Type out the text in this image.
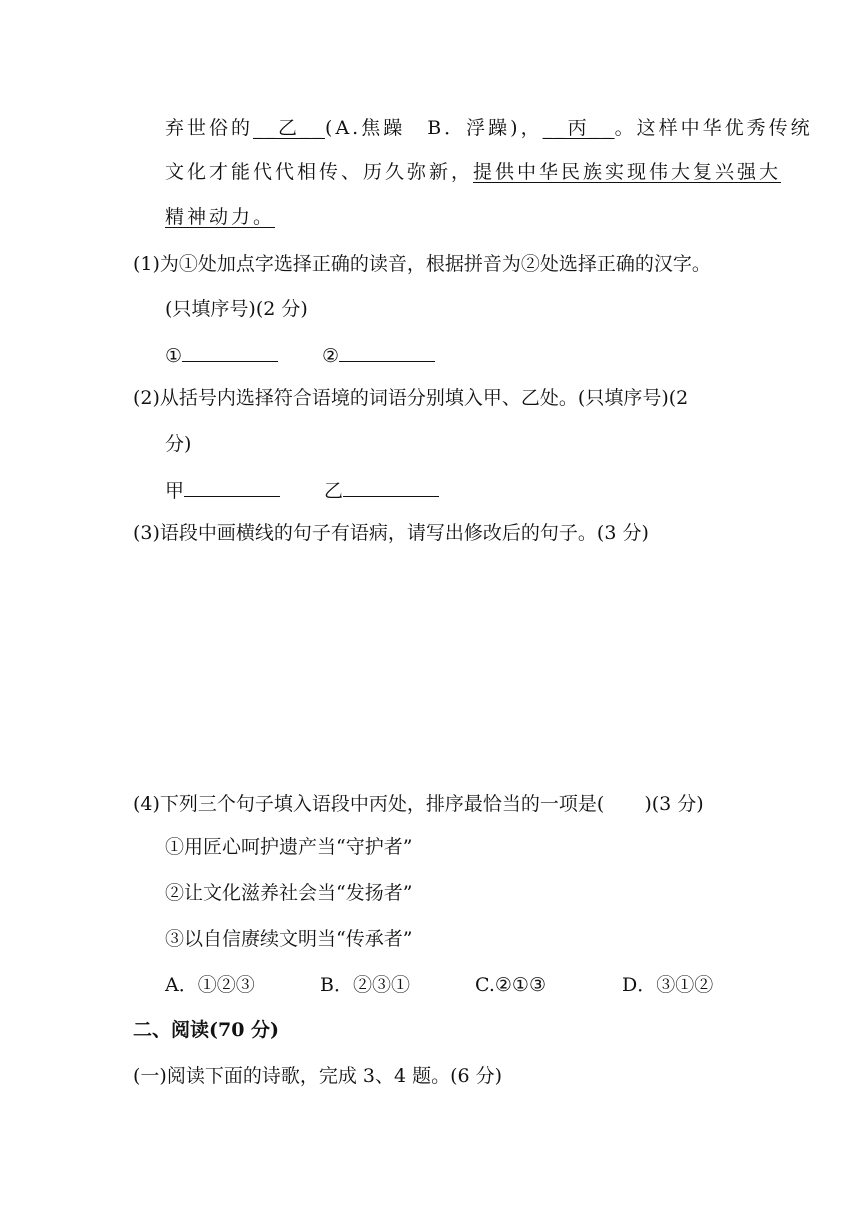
弃世俗的__乙__(A.焦躁　B．浮躁)，__丙__。这样中华优秀传统
文化才能代代相传、历久弥新，提供中华民族实现伟大复兴强大
精神动力。
(1)为①处加点字选择正确的读音，根据拼音为②处选择正确的汉字。
(只填序号)(2 分)
①	②
(2)从括号内选择符合语境的词语分别填入甲、乙处。(只填序号)(2
分)
甲	乙
(3)语段中画横线的句子有语病，请写出修改后的句子。(3 分)
(4)下列三个句子填入语段中丙处，排序最恰当的一项是( )(3 分)
①用匠心呵护遗产当“守护者”
②让文化滋养社会当“发扬者”
③以自信赓续文明当“传承者”
A．①②③	B．②③①	C.②①③	D．③①②
二、阅读(70 分)
(一)阅读下面的诗歌，完成 3、4 题。(6 分)
